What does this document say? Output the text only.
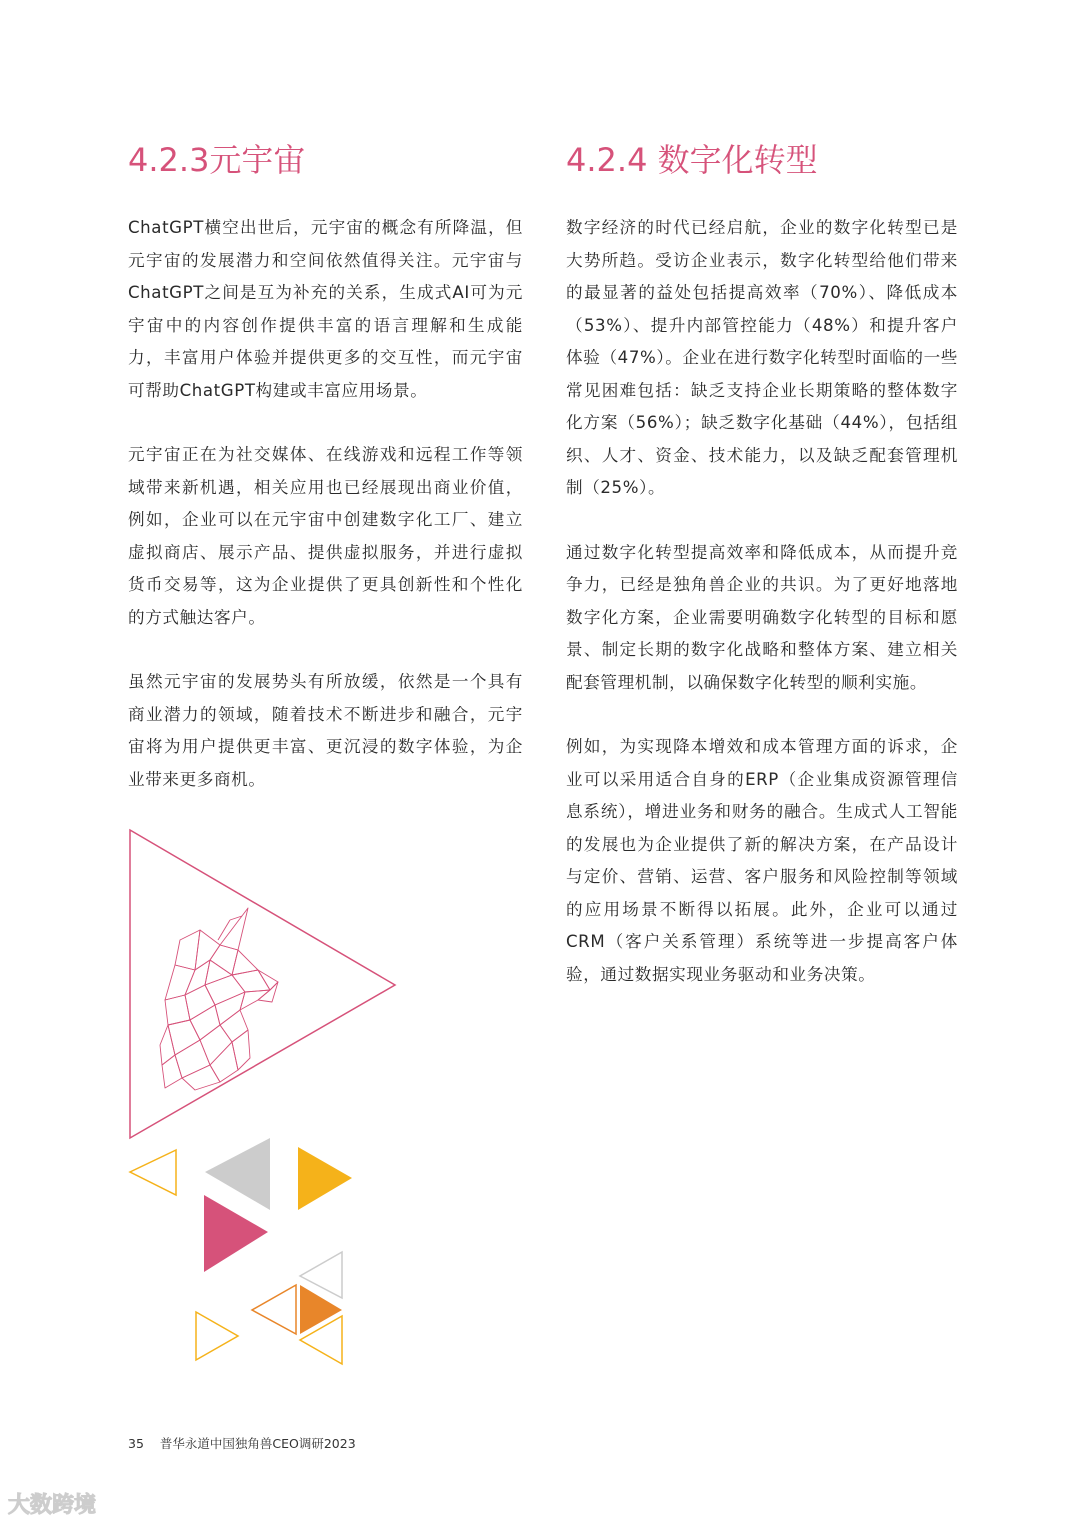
4.2.3元宇宙

ChatGPT横空出世后，元宇宙的概念有所降温，但元宇宙的发展潜力和空间依然值得关注。元宇宙与ChatGPT之间是互为补充的关系，生成式AI可为元宇宙中的内容创作提供丰富的语言理解和生成能力，丰富用户体验并提供更多的交互性，而元宇宙可帮助ChatGPT构建或丰富应用场景。

元宇宙正在为社交媒体、在线游戏和远程工作等领域带来新机遇，相关应用也已经展现出商业价值，例如，企业可以在元宇宙中创建数字化工厂、建立虚拟商店、展示产品、提供虚拟服务，并进行虚拟货币交易等，这为企业提供了更具创新性和个性化的方式触达客户。

虽然元宇宙的发展势头有所放缓，依然是一个具有商业潜力的领域，随着技术不断进步和融合，元宇宙将为用户提供更丰富、更沉浸的数字体验，为企业带来更多商机。

4.2.4 数字化转型

数字经济的时代已经启航，企业的数字化转型已是大势所趋。受访企业表示，数字化转型给他们带来的最显著的益处包括提高效率（70%）、降低成本（53%）、提升内部管控能力（48%）和提升客户体验（47%）。企业在进行数字化转型时面临的一些常见困难包括：缺乏支持企业长期策略的整体数字化方案（56%）；缺乏数字化基础（44%），包括组织、人才、资金、技术能力，以及缺乏配套管理机制（25%）。

通过数字化转型提高效率和降低成本，从而提升竞争力，已经是独角兽企业的共识。为了更好地落地数字化方案，企业需要明确数字化转型的目标和愿景、制定长期的数字化战略和整体方案、建立相关配套管理机制，以确保数字化转型的顺利实施。

例如，为实现降本增效和成本管理方面的诉求，企业可以采用适合自身的ERP（企业集成资源管理信息系统），增进业务和财务的融合。生成式人工智能的发展也为企业提供了新的解决方案，在产品设计与定价、营销、运营、客户服务和风险控制等领域的应用场景不断得以拓展。此外，企业可以通过CRM（客户关系管理）系统等进一步提高客户体验，通过数据实现业务驱动和业务决策。

35 普华永道中国独角兽CEO调研2023
大数跨境
